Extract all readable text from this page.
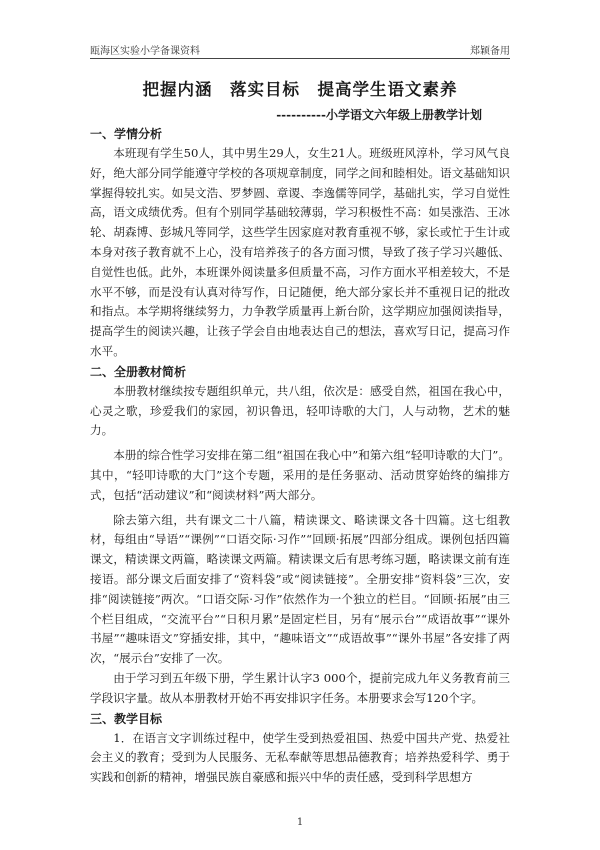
瓯海区实验小学备课资料	郑颖备用
把握内涵　落实目标　提高学生语文素养
----------小学语文六年级上册教学计划
一、学情分析

本班现有学生50人，其中男生29人，女生21人。班级班风淳朴，学习风气良好，绝大部分同学能遵守学校的各项规章制度，同学之间和睦相处。语文基础知识掌握得较扎实。如吴文浩、罗梦圆、章谡、李逸儒等同学，基础扎实，学习自觉性高，语文成绩优秀。但有个别同学基础较薄弱，学习积极性不高：如吴涨浩、王冰轮、胡森博、彭城凡等同学，这些学生因家庭对教育重视不够，家长或忙于生计或本身对孩子教育就不上心，没有培养孩子的各方面习惯，导致了孩子学习兴趣低、自觉性也低。此外，本班课外阅读量多但质量不高，习作方面水平相差较大，不是水平不够，而是没有认真对待写作，日记随便，绝大部分家长并不重视日记的批改和指点。本学期将继续努力，力争教学质量再上新台阶，这学期应加强阅读指导，提高学生的阅读兴趣，让孩子学会自由地表达自己的想法，喜欢写日记，提高习作水平。

二、全册教材简析

本册教材继续按专题组织单元，共八组，依次是：感受自然，祖国在我心中，心灵之歌，珍爱我们的家园，初识鲁迅，轻叩诗歌的大门，人与动物，艺术的魅力。

本册的综合性学习安排在第二组“祖国在我心中”和第六组“轻叩诗歌的大门”。其中，“轻叩诗歌的大门”这个专题，采用的是任务驱动、活动贯穿始终的编排方式，包括“活动建议”和“阅读材料”两大部分。

除去第六组，共有课文二十八篇，精读课文、略读课文各十四篇。这七组教材，每组由“导语”“课例”“口语交际·习作”“回顾·拓展”四部分组成。课例包括四篇课文，精读课文两篇，略读课文两篇。精读课文后有思考练习题，略读课文前有连接语。部分课文后面安排了“资料袋”或“阅读链接”。全册安排“资料袋”三次，安排“阅读链接”两次。“口语交际·习作”依然作为一个独立的栏目。“回顾·拓展”由三个栏目组成，“交流平台”“日积月累”是固定栏目，另有“展示台”“成语故事”“课外书屋”“趣味语文”穿插安排，其中，“趣味语文”“成语故事”“课外书屋”各安排了两次，“展示台”安排了一次。

由于学习到五年级下册，学生累计认字3 000个，提前完成九年义务教育前三学段识字量。故从本册教材开始不再安排识字任务。本册要求会写120个字。

三、教学目标

1．在语言文字训练过程中，使学生受到热爱祖国、热爱中国共产党、热爱社会主义的教育；受到为人民服务、无私奉献等思想品德教育；培养热爱科学、勇于实践和创新的精神，增强民族自豪感和振兴中华的责任感，受到科学思想方

1
